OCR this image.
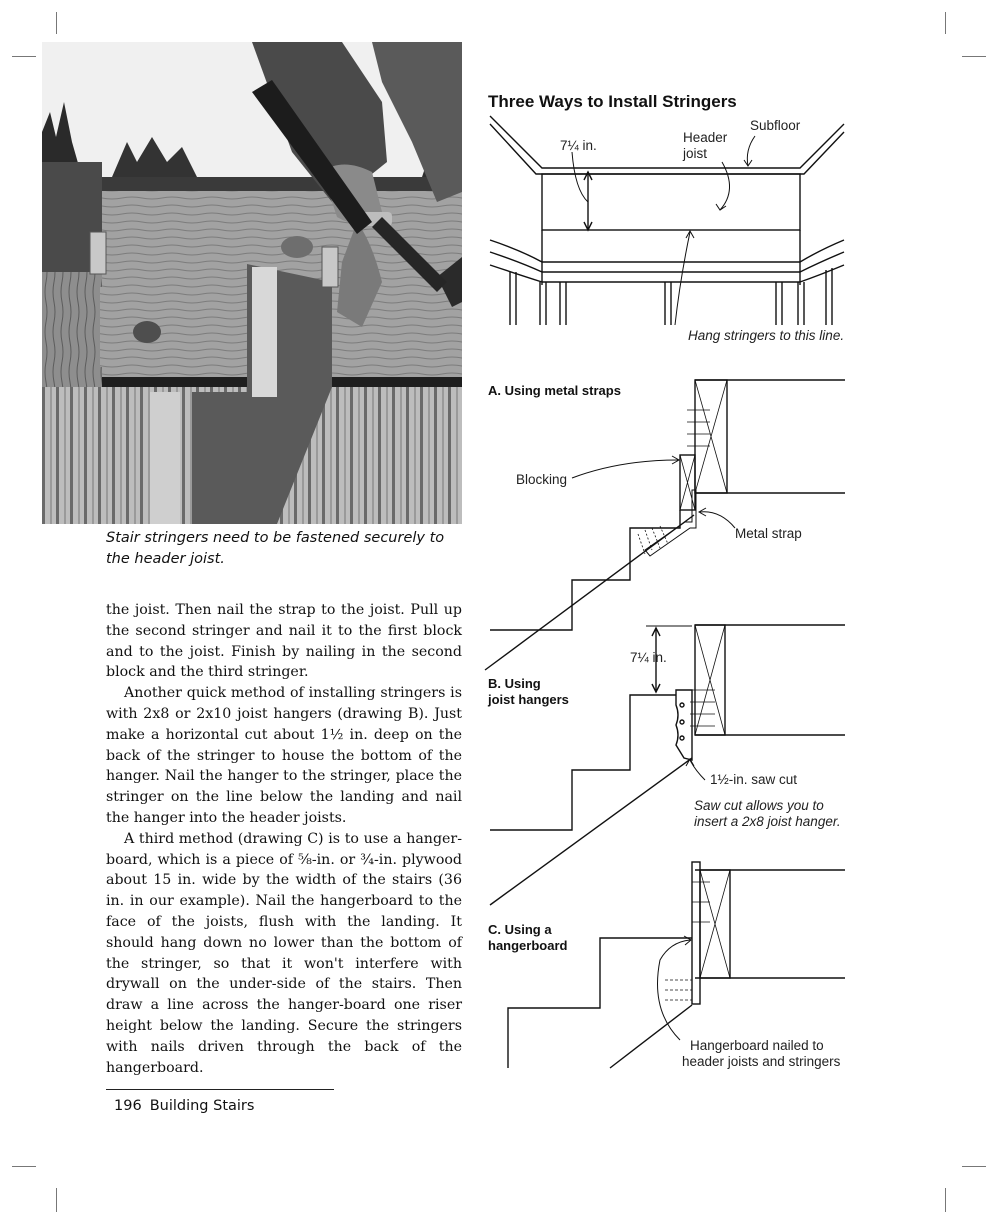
Stair stringers need to be fastened securely to the header joist.

the joist. Then nail the strap to the joist. Pull up the second stringer and nail it to the first block and to the joist. Finish by nailing in the second block and the third stringer.

Another quick method of installing stringers is with 2x8 or 2x10 joist hangers (drawing B). Just make a horizontal cut about 1½ in. deep on the back of the stringer to house the bottom of the hanger. Nail the hanger to the stringer, place the stringer on the line below the landing and nail the hanger into the header joists.

A third method (drawing C) is to use a hanger-board, which is a piece of ⅝-in. or ¾-in. plywood about 15 in. wide by the width of the stairs (36 in. in our example). Nail the hangerboard to the face of the joists, flush with the landing. It should hang down no lower than the bottom of the stringer, so that it won't interfere with drywall on the under-side of the stairs. Then draw a line across the hanger-board one riser height below the landing. Secure the stringers with nails driven through the back of the hangerboard.

196 Building Stairs
Three Ways to Install Stringers
7¼ in.
Header
joist
Subfloor
Hang stringers to this line.
A. Using metal straps
Blocking
Metal strap
7¼ in.
B. Using
joist hangers
1½-in. saw cut
Saw cut allows you to
insert a 2x8 joist hanger.
C. Using a
hangerboard
Hangerboard nailed to
header joists and stringers
